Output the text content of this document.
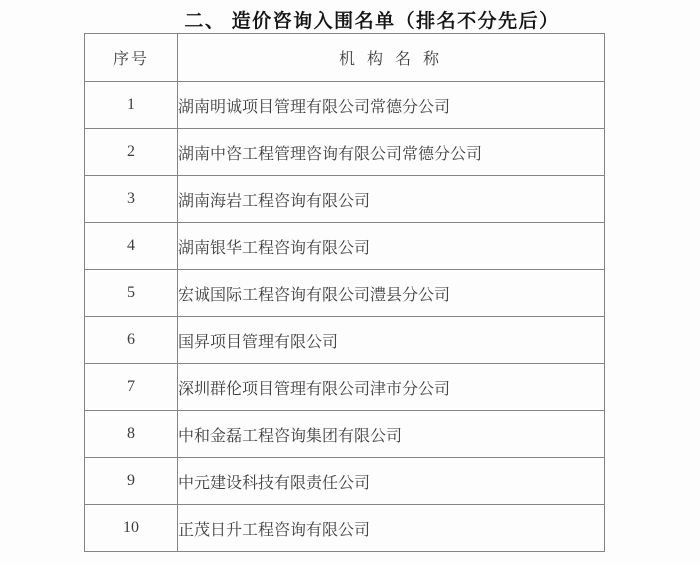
二、 造价咨询入围名单（排名不分先后）
序号	机 构 名 称
1	湖南明诚项目管理有限公司常德分公司
2	湖南中咨工程管理咨询有限公司常德分公司
3	湖南海岩工程咨询有限公司
4	湖南银华工程咨询有限公司
5	宏诚国际工程咨询有限公司澧县分公司
6	国昇项目管理有限公司
7	深圳群伦项目管理有限公司津市分公司
8	中和金磊工程咨询集团有限公司
9	中元建设科技有限责任公司
10	正茂日升工程咨询有限公司
